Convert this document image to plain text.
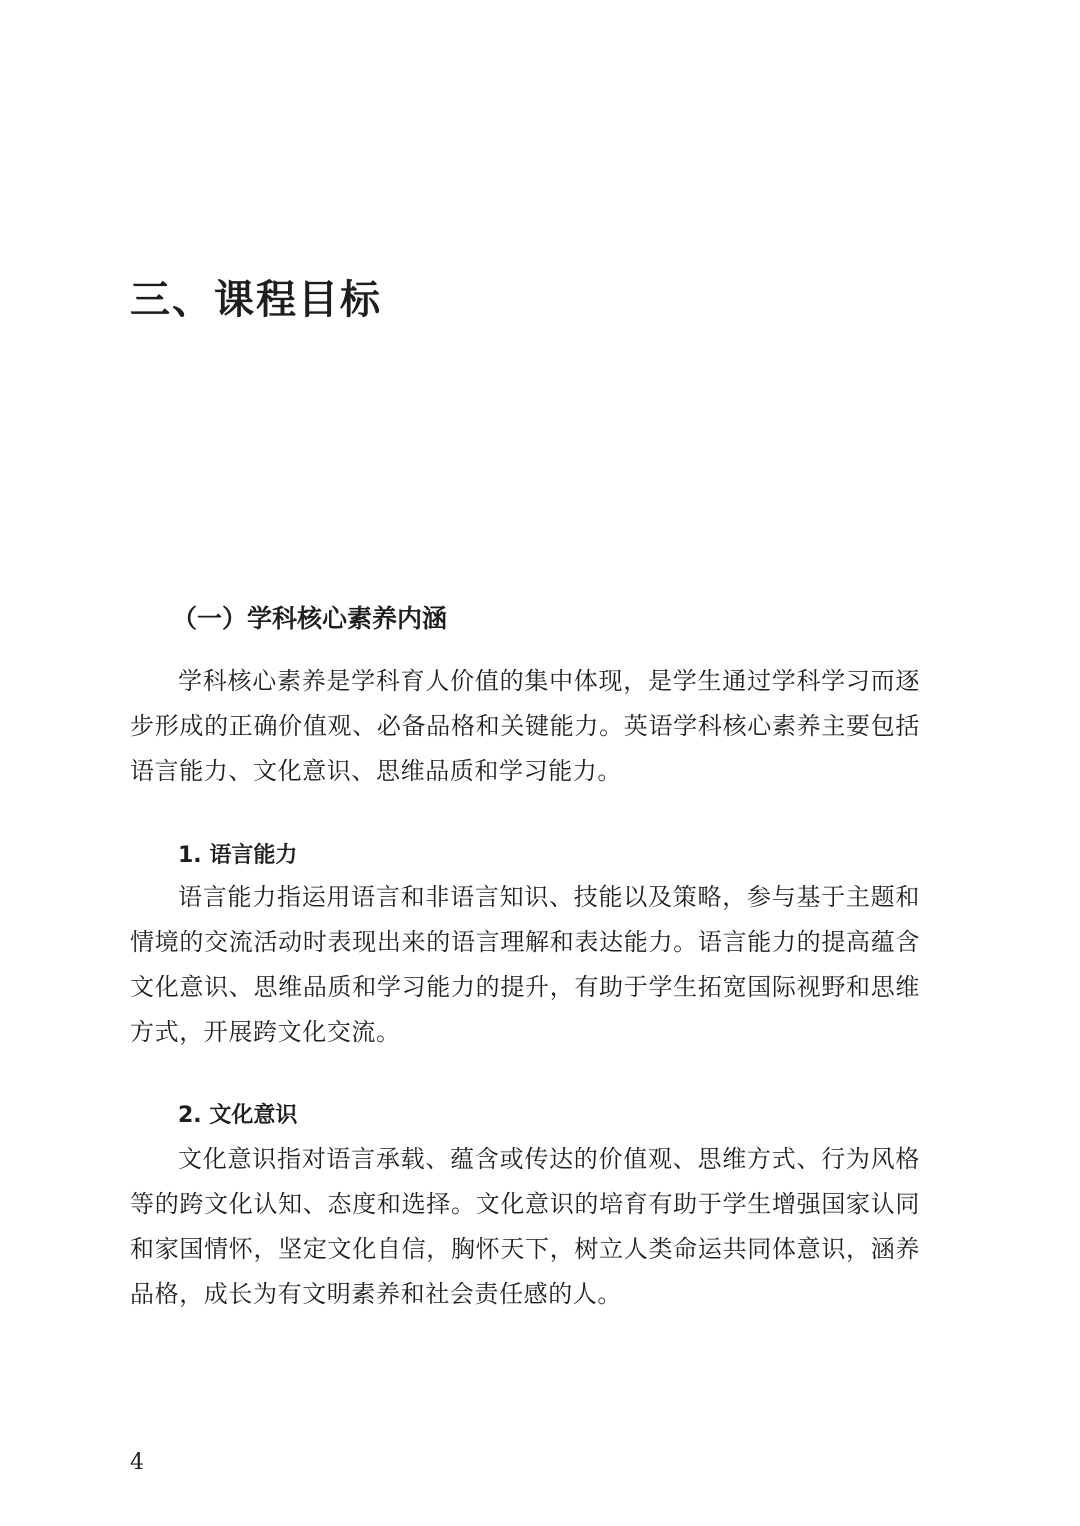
三、课程目标
（一）学科核心素养内涵

学科核心素养是学科育人价值的集中体现，是学生通过学科学习而逐步形成的正确价值观、必备品格和关键能力。英语学科核心素养主要包括语言能力、文化意识、思维品质和学习能力。

1. 语言能力

语言能力指运用语言和非语言知识、技能以及策略，参与基于主题和情境的交流活动时表现出来的语言理解和表达能力。语言能力的提高蕴含文化意识、思维品质和学习能力的提升，有助于学生拓宽国际视野和思维方式，开展跨文化交流。

2. 文化意识

文化意识指对语言承载、蕴含或传达的价值观、思维方式、行为风格等的跨文化认知、态度和选择。文化意识的培育有助于学生增强国家认同和家国情怀，坚定文化自信，胸怀天下，树立人类命运共同体意识，涵养品格，成长为有文明素养和社会责任感的人。

4
